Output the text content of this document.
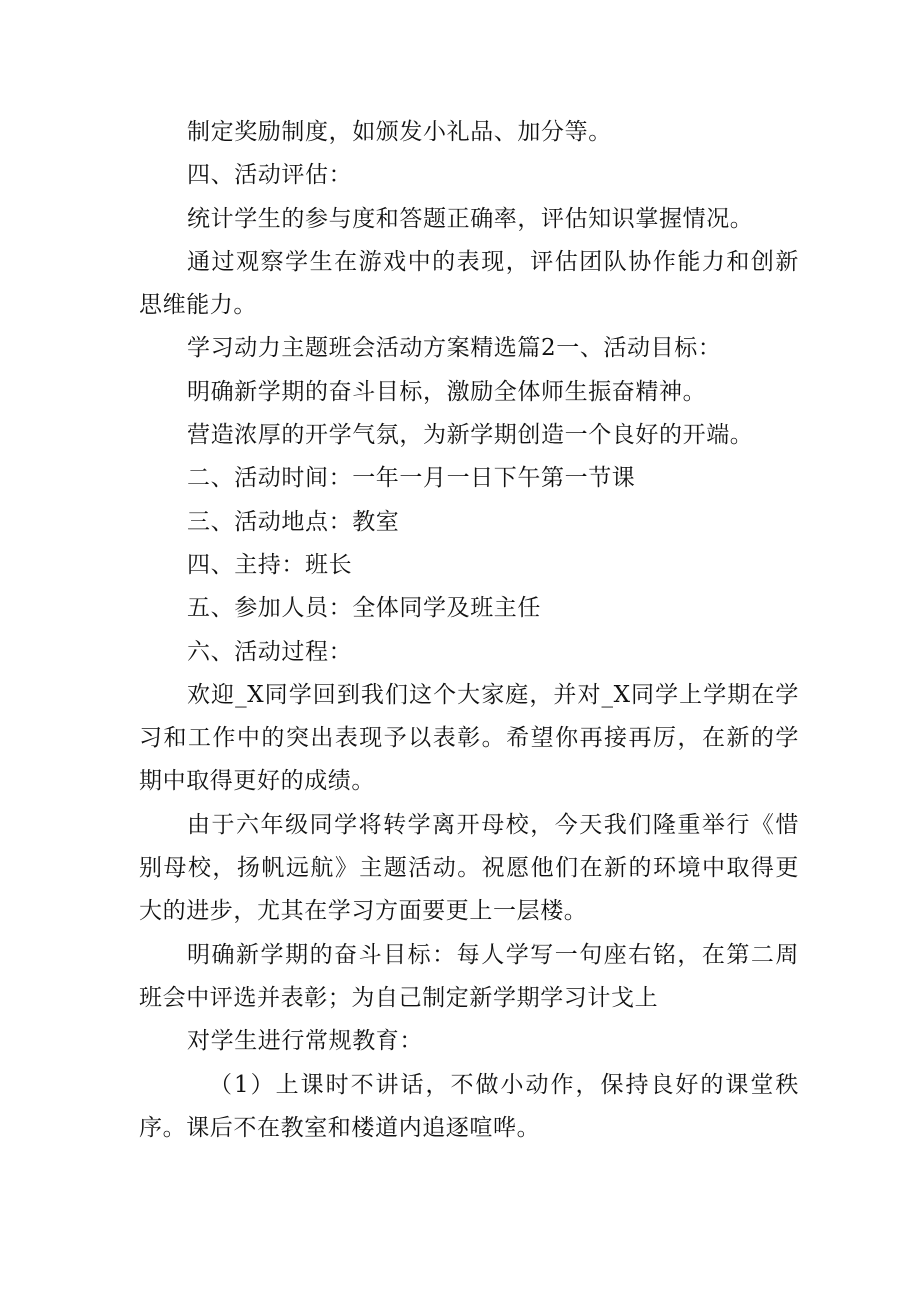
制定奖励制度，如颁发小礼品、加分等。

四、活动评估：

统计学生的参与度和答题正确率，评估知识掌握情况。

通过观察学生在游戏中的表现，评估团队协作能力和创新思维能力。

学习动力主题班会活动方案精选篇2一、活动目标：

明确新学期的奋斗目标，激励全体师生振奋精神。

营造浓厚的开学气氛，为新学期创造一个良好的开端。

二、活动时间：一年一月一日下午第一节课

三、活动地点：教室

四、主持：班长

五、参加人员：全体同学及班主任

六、活动过程：

欢迎_X同学回到我们这个大家庭，并对_X同学上学期在学习和工作中的突出表现予以表彰。希望你再接再厉，在新的学期中取得更好的成绩。

由于六年级同学将转学离开母校，今天我们隆重举行《惜别母校，扬帆远航》主题活动。祝愿他们在新的环境中取得更大的进步，尤其在学习方面要更上一层楼。

明确新学期的奋斗目标：每人学写一句座右铭，在第二周班会中评选并表彰；为自己制定新学期学习计戈上

对学生进行常规教育：

（1）上课时不讲话，不做小动作，保持良好的课堂秩序。课后不在教室和楼道内追逐喧哗。
